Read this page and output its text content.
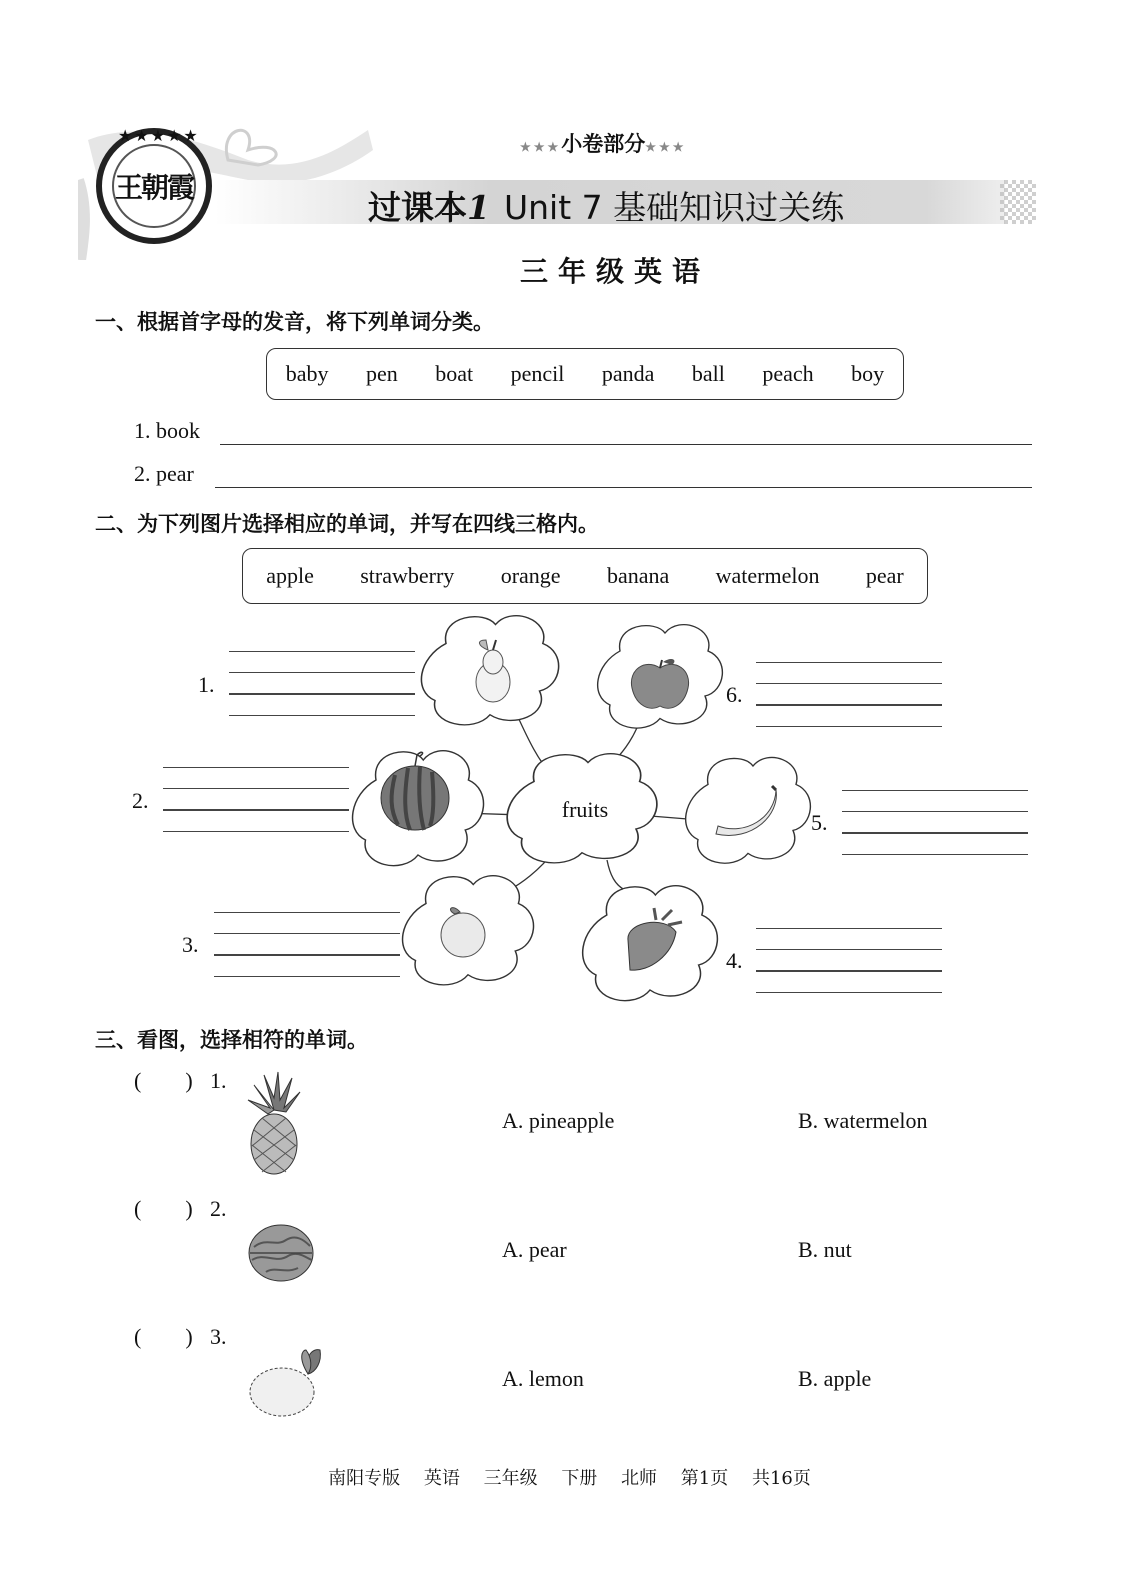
王朝霞
★★★★★
★★★小卷部分★★★
过课本1 Unit 7 基础知识过关练
三年级英语
一、根据首字母的发音，将下列单词分类。
baby pen boat pencil panda ball peach boy
1. book
2. pear
二、为下列图片选择相应的单词，并写在四线三格内。
apple strawberry orange banana watermelon pear
fruits
1.
2.
3.
4.
5.
6.
三、看图，选择相符的单词。
(        ) 1.
A. pineapple	B. watermelon
(        ) 2.
A. pear	B. nut
(        ) 3.
A. lemon	B. apple
南阳专版 英语 三年级 下册 北师 第1页 共16页
